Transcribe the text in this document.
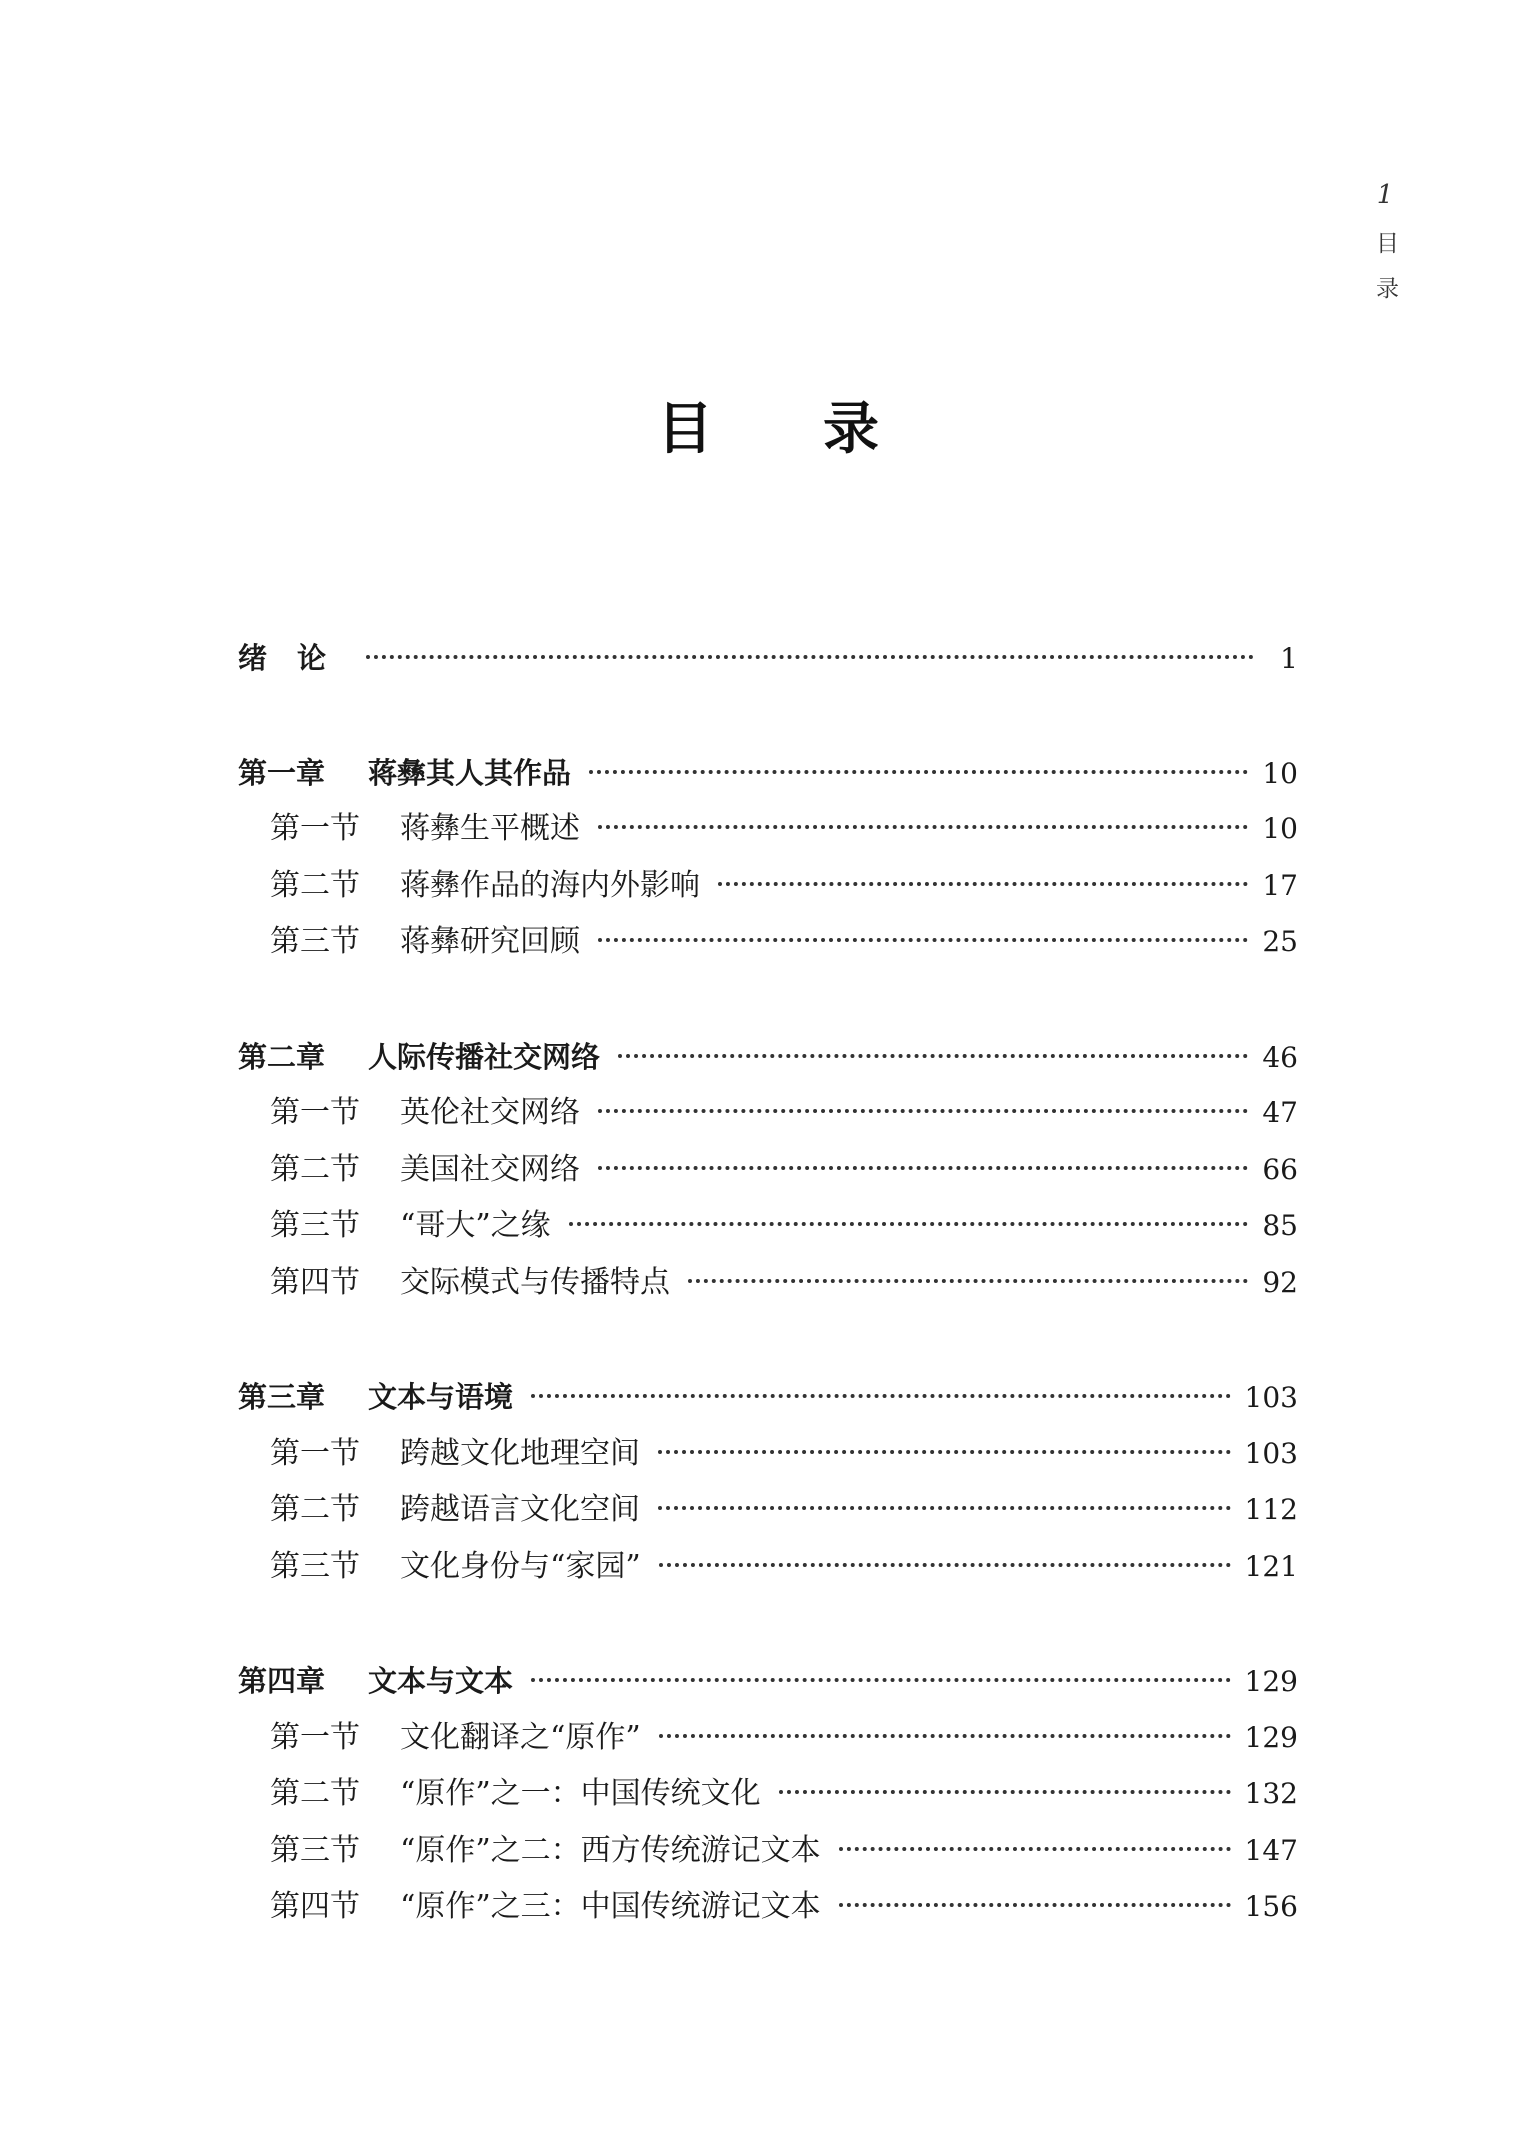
1
目录
目录
绪论	1
第一章	蒋彝其人其作品	10
第一节	蒋彝生平概述	10
第二节	蒋彝作品的海内外影响	17
第三节	蒋彝研究回顾	25
第二章	人际传播社交网络	46
第一节	英伦社交网络	47
第二节	美国社交网络	66
第三节	“哥大”之缘	85
第四节	交际模式与传播特点	92
第三章	文本与语境	103
第一节	跨越文化地理空间	103
第二节	跨越语言文化空间	112
第三节	文化身份与“家园”	121
第四章	文本与文本	129
第一节	文化翻译之“原作”	129
第二节	“原作”之一：中国传统文化	132
第三节	“原作”之二：西方传统游记文本	147
第四节	“原作”之三：中国传统游记文本	156
